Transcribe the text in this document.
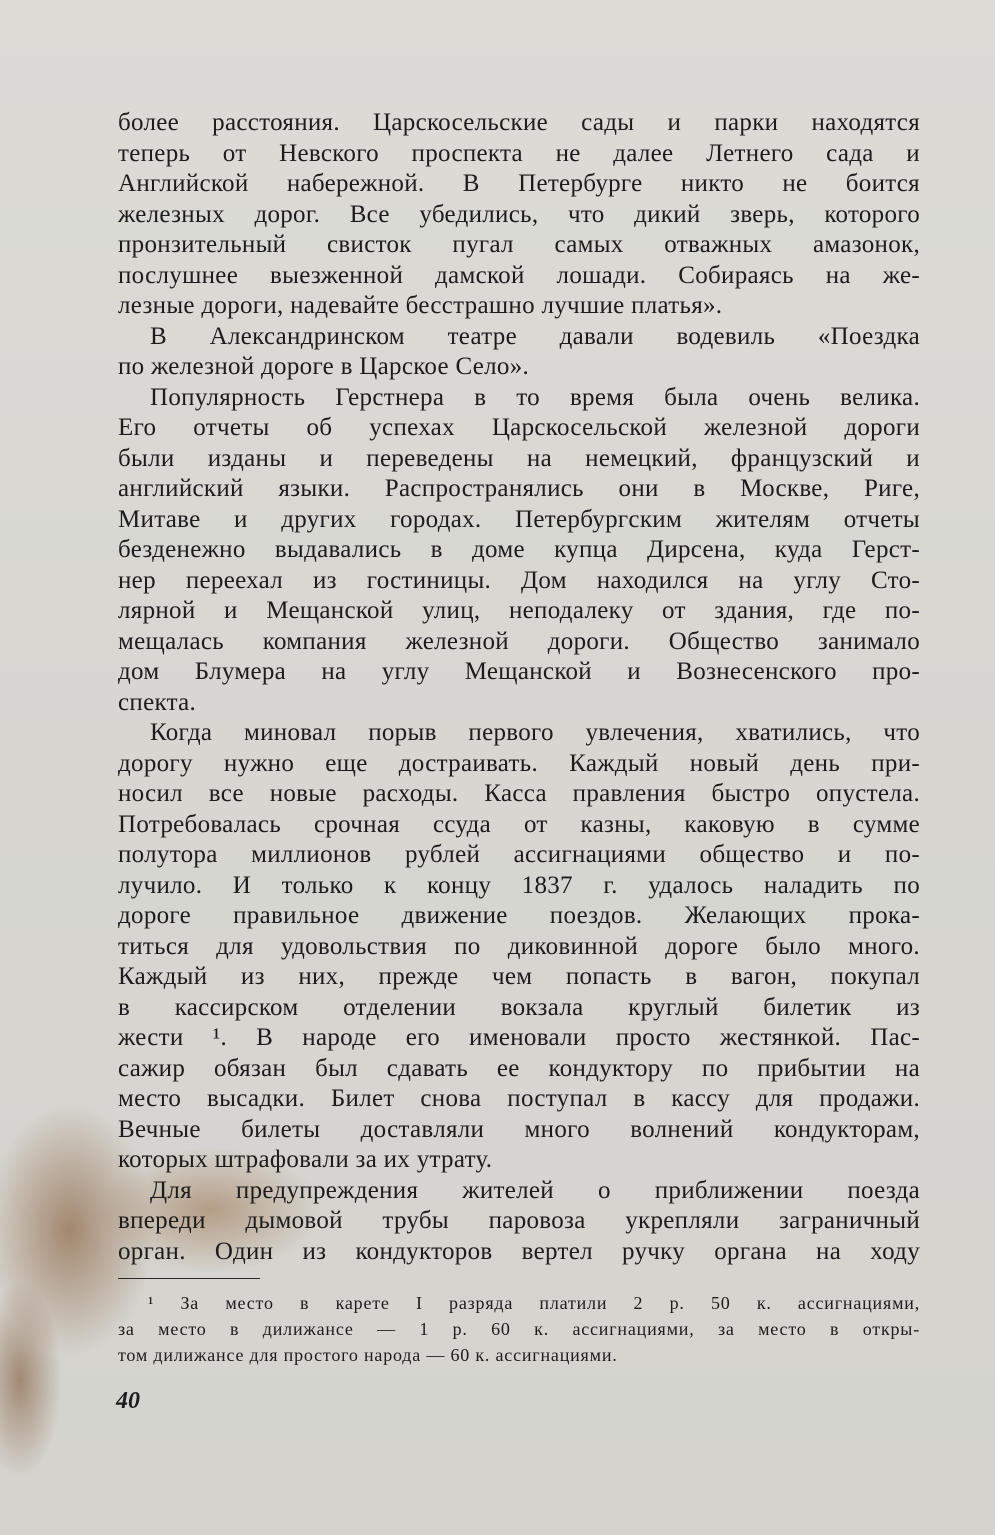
более расстояния. Царскосельские сады и парки находятся
теперь от Невского проспекта не далее Летнего сада и
Английской набережной. В Петербурге никто не боится
железных дорог. Все убедились, что дикий зверь, которого
пронзительный свисток пугал самых отважных амазонок,
послушнее выезженной дамской лошади. Собираясь на же-
лезные дороги, надевайте бесстрашно лучшие платья».
В Александринском театре давали водевиль «Поездка
по железной дороге в Царское Село».
Популярность Герстнера в то время была очень велика.
Его отчеты об успехах Царскосельской железной дороги
были изданы и переведены на немецкий, французский и
английский языки. Распространялись они в Москве, Риге,
Митаве и других городах. Петербургским жителям отчеты
безденежно выдавались в доме купца Дирсена, куда Герст-
нер переехал из гостиницы. Дом находился на углу Сто-
лярной и Мещанской улиц, неподалеку от здания, где по-
мещалась компания железной дороги. Общество занимало
дом Блумера на углу Мещанской и Вознесенского про-
спекта.
Когда миновал порыв первого увлечения, хватились, что
дорогу нужно еще достраивать. Каждый новый день при-
носил все новые расходы. Касса правления быстро опустела.
Потребовалась срочная ссуда от казны, каковую в сумме
полутора миллионов рублей ассигнациями общество и по-
лучило. И только к концу 1837 г. удалось наладить по
дороге правильное движение поездов. Желающих прока-
титься для удовольствия по диковинной дороге было много.
Каждый из них, прежде чем попасть в вагон, покупал
в кассирском отделении вокзала круглый билетик из
жести ¹. В народе его именовали просто жестянкой. Пас-
сажир обязан был сдавать ее кондуктору по прибытии на
место высадки. Билет снова поступал в кассу для продажи.
Вечные билеты доставляли много волнений кондукторам,
которых штрафовали за их утрату.
Для предупреждения жителей о приближении поезда
впереди дымовой трубы паровоза укрепляли заграничный
орган. Один из кондукторов вертел ручку органа на ходу
¹ За место в карете I разряда платили 2 р. 50 к. ассигнациями,
за место в дилижансе — 1 р. 60 к. ассигнациями, за место в откры-
том дилижансе для простого народа — 60 к. ассигнациями.
40
